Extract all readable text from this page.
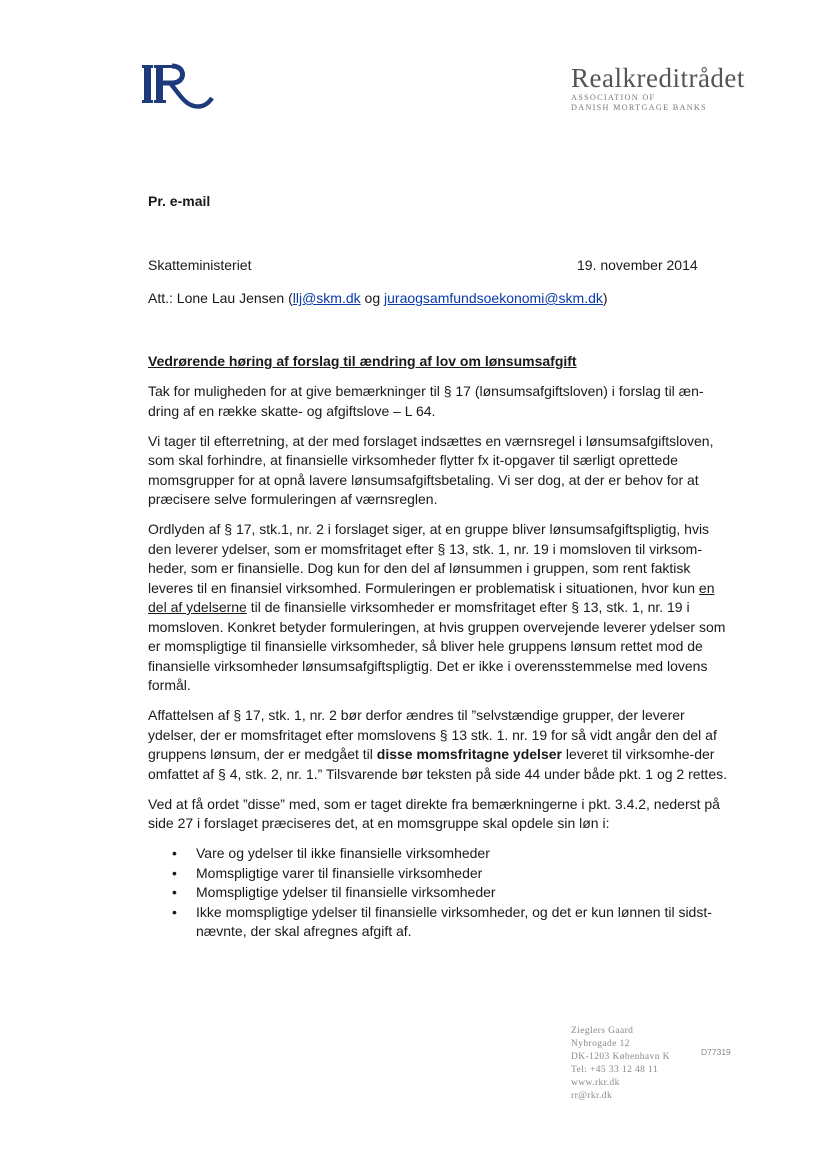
Realkreditrådet
ASSOCIATION OF
DANISH MORTGAGE BANKS
Pr. e-mail
Skatteministeriet	19. november 2014
Att.: Lone Lau Jensen (llj@skm.dk og juraogsamfundsoekonomi@skm.dk)

Vedrørende høring af forslag til ændring af lov om lønsumsafgift

Tak for muligheden for at give bemærkninger til § 17 (lønsumsafgiftsloven) i forslag til æn-dring af en række skatte- og afgiftslove – L 64.

Vi tager til efterretning, at der med forslaget indsættes en værnsregel i lønsumsafgiftsloven, som skal forhindre, at finansielle virksomheder flytter fx it-opgaver til særligt oprettede momsgrupper for at opnå lavere lønsumsafgiftsbetaling. Vi ser dog, at der er behov for at præcisere selve formuleringen af værnsreglen.

Ordlyden af § 17, stk.1, nr. 2 i forslaget siger, at en gruppe bliver lønsumsafgiftspligtig, hvis den leverer ydelser, som er momsfritaget efter § 13, stk. 1, nr. 19 i momsloven til virksom-heder, som er finansielle. Dog kun for den del af lønsummen i gruppen, som rent faktisk leveres til en finansiel virksomhed. Formuleringen er problematisk i situationen, hvor kun en del af ydelserne til de finansielle virksomheder er momsfritaget efter § 13, stk. 1, nr. 19 i momsloven. Konkret betyder formuleringen, at hvis gruppen overvejende leverer ydelser som er momspligtige til finansielle virksomheder, så bliver hele gruppens lønsum rettet mod de finansielle virksomheder lønsumsafgiftspligtig. Det er ikke i overensstemmelse med lovens formål.

Affattelsen af § 17, stk. 1, nr. 2 bør derfor ændres til ”selvstændige grupper, der leverer ydelser, der er momsfritaget efter momslovens § 13 stk. 1. nr. 19 for så vidt angår den del af gruppens lønsum, der er medgået til disse momsfritagne ydelser leveret til virksomhe-der omfattet af § 4, stk. 2, nr. 1.” Tilsvarende bør teksten på side 44 under både pkt. 1 og 2 rettes.

Ved at få ordet ”disse” med, som er taget direkte fra bemærkningerne i pkt. 3.4.2, nederst på side 27 i forslaget præciseres det, at en momsgruppe skal opdele sin løn i:

• Vare og ydelser til ikke finansielle virksomheder
• Momspligtige varer til finansielle virksomheder
• Momspligtige ydelser til finansielle virksomheder
• Ikke momspligtige ydelser til finansielle virksomheder, og det er kun lønnen til sidst-nævnte, der skal afregnes afgift af.
Zieglers Gaard
Nybrogade 12
DK-1203 København K
Tel: +45 33 12 48 11
www.rkr.dk
rr@rkr.dk
D77319
